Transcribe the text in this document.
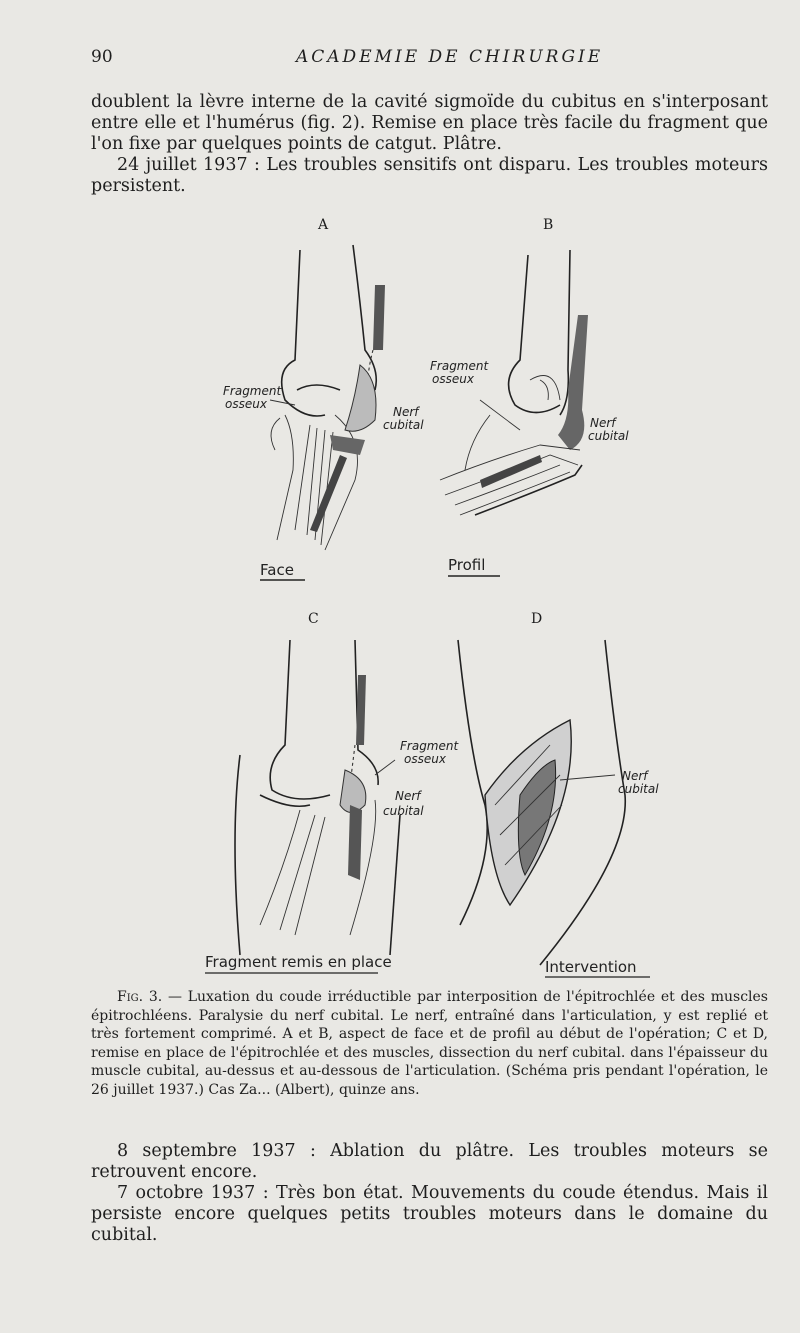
90	ACADEMIE DE CHIRURGIE

doublent la lèvre interne de la cavité sigmoïde du cubitus en s'interposant entre elle et l'humérus (fig. 2). Remise en place très facile du fragment que l'on fixe par quelques points de catgut. Plâtre.

24 juillet 1937 : Les troubles sensitifs ont disparu. Les troubles moteurs persistent.

A	B
C	D
Fragment
osseux
Nerf
cubital
Face
Fragment
osseux
Nerf
cubital
Profil
Fragment
osseux
Nerf
cubital
Fragment remis en place
Nerf
cubital
Intervention

Fig. 3. — Luxation du coude irréductible par interposition de l'épitrochlée et des muscles épitrochléens. Paralysie du nerf cubital. Le nerf, entraîné dans l'articulation, y est replié et très fortement comprimé. A et B, aspect de face et de profil au début de l'opération; C et D, remise en place de l'épitrochlée et des muscles, dissection du nerf cubital. dans l'épaisseur du muscle cubital, au-dessus et au-dessous de l'articulation. (Schéma pris pendant l'opération, le 26 juillet 1937.) Cas Za... (Albert), quinze ans.

8 septembre 1937 : Ablation du plâtre. Les troubles moteurs se retrouvent encore.

7 octobre 1937 : Très bon état. Mouvements du coude étendus. Mais il persiste encore quelques petits troubles moteurs dans le domaine du cubital.
